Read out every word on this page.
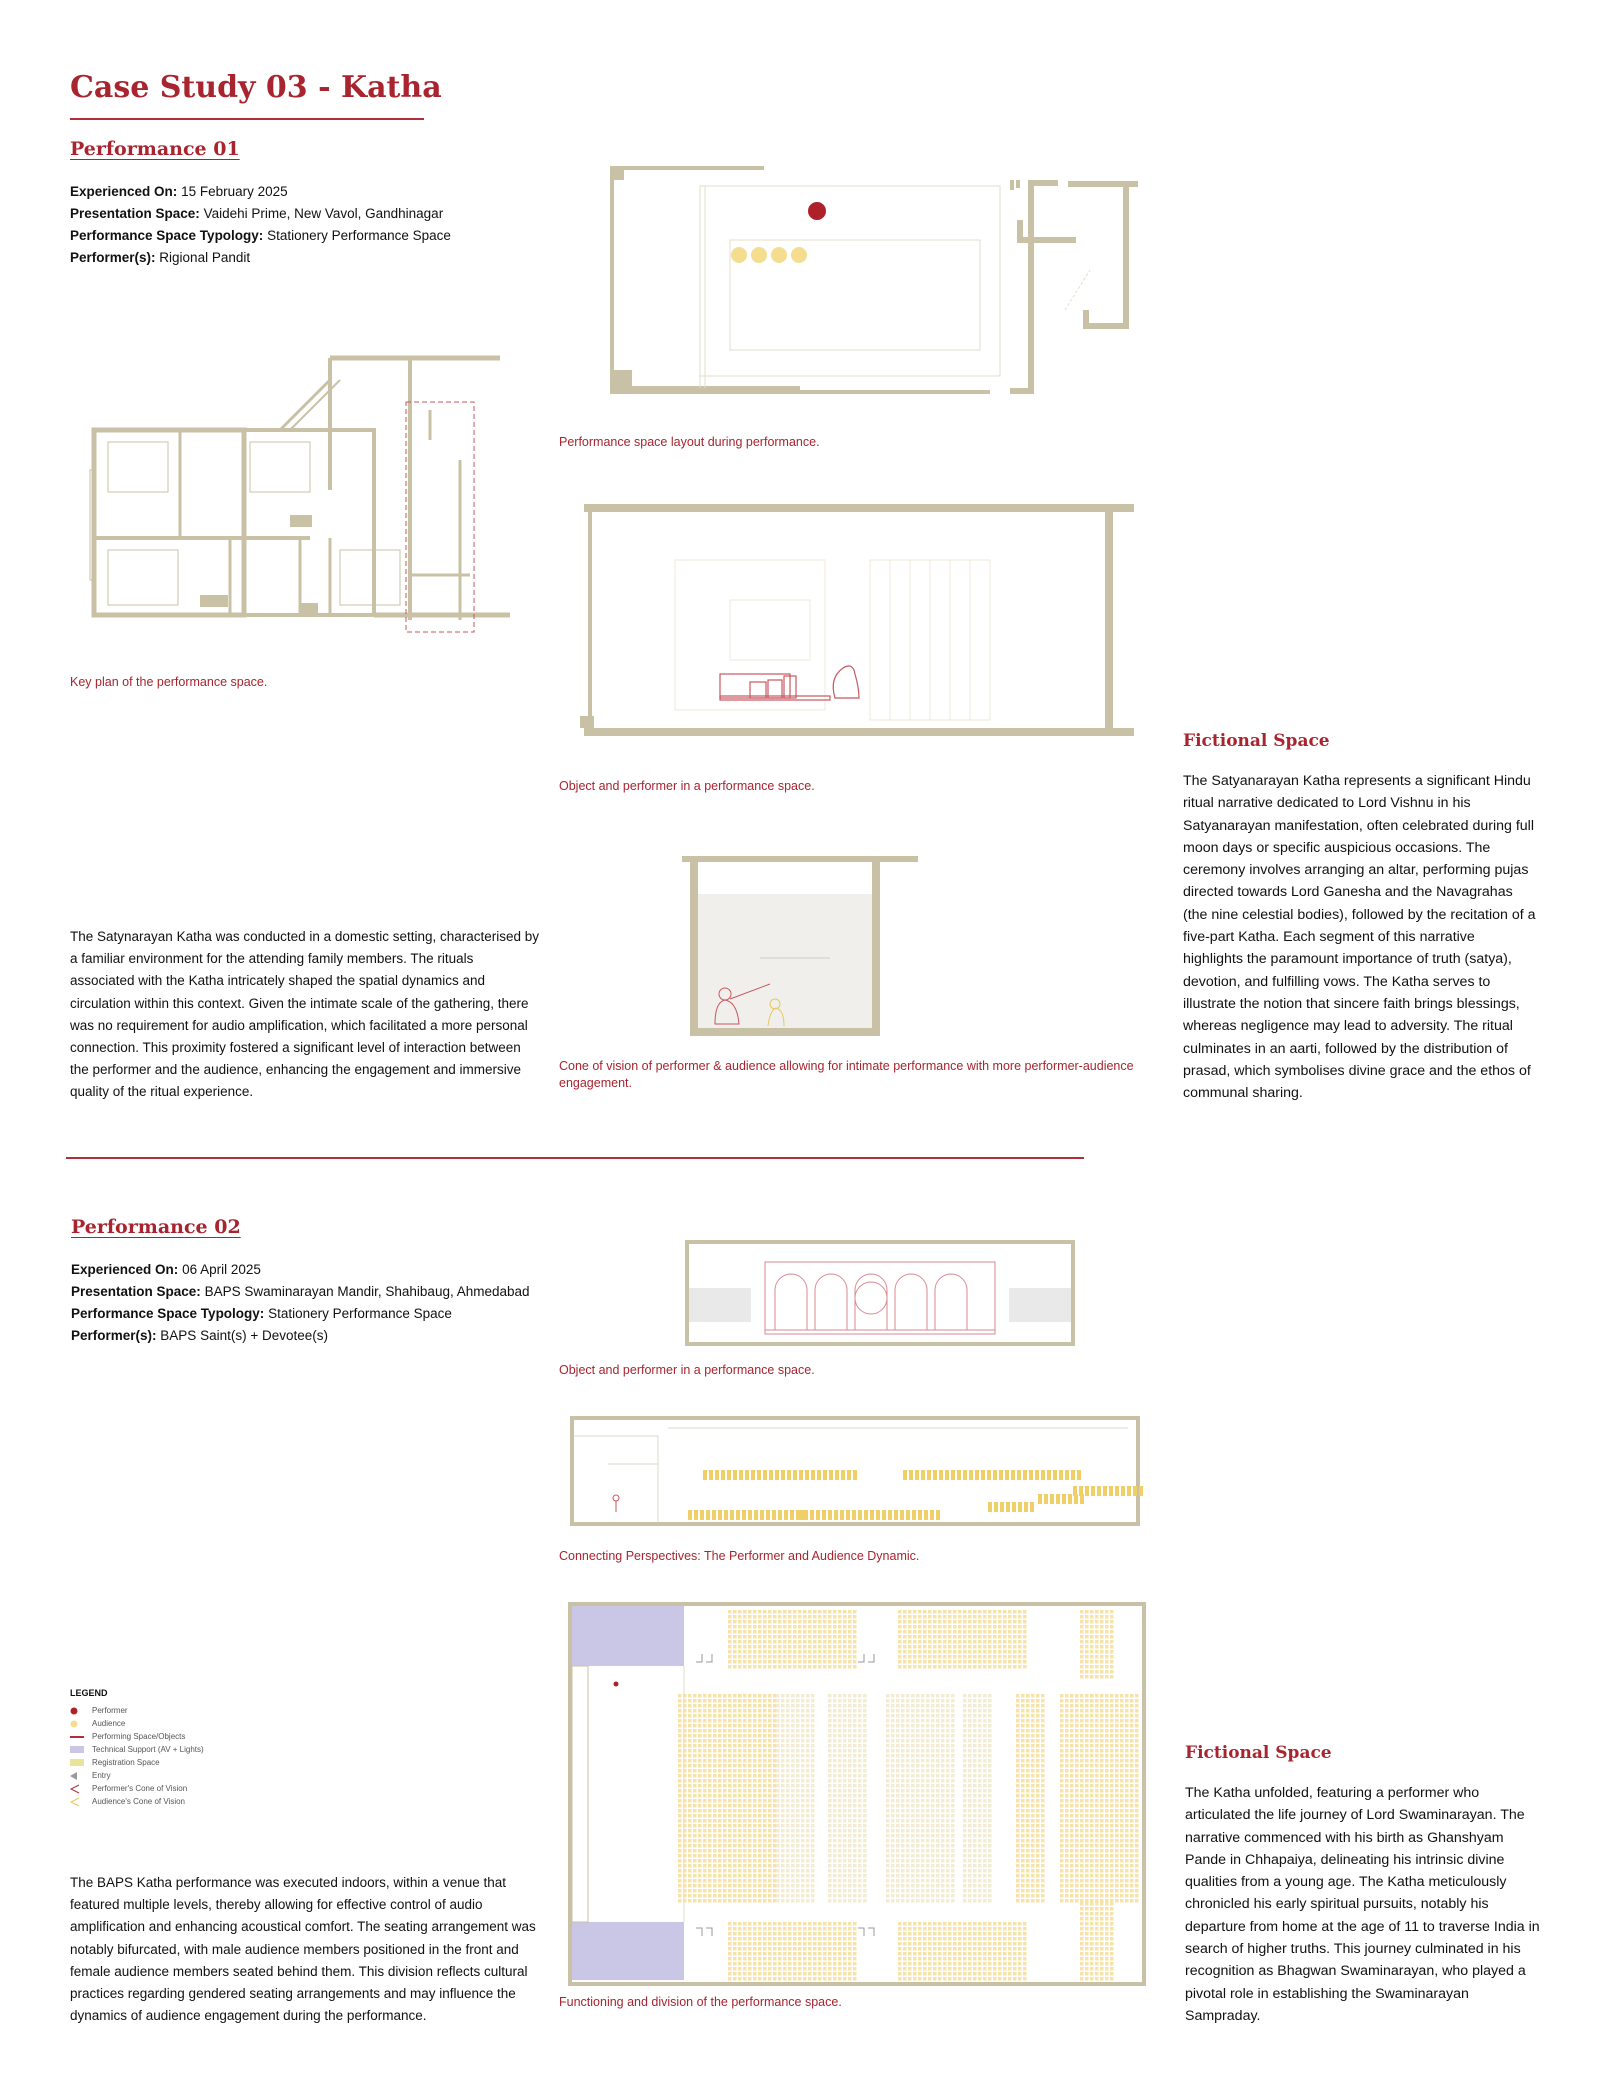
Case Study 03 - Katha
Performance 01
Experienced On: 15 February 2025
Presentation Space: Vaidehi Prime, New Vavol, Gandhinagar
Performance Space Typology: Stationery Performance Space
Performer(s): Rigional Pandit
Key plan of the performance space.
Performance space layout during performance.
Object and performer in a performance space.
Cone of vision of performer & audience allowing for intimate performance with more performer-audience engagement.
The Satynarayan Katha was conducted in a domestic setting, characterised by a familiar environment for the attending family members. The rituals associated with the Katha intricately shaped the spatial dynamics and circulation within this context. Given the intimate scale of the gathering, there was no requirement for audio amplification, which facilitated a more personal connection. This proximity fostered a significant level of interaction between the performer and the audience, enhancing the engagement and immersive quality of the ritual experience.
Fictional Space
The Satyanarayan Katha represents a significant Hindu ritual narrative dedicated to Lord Vishnu in his Satyanarayan manifestation, often celebrated during full moon days or specific auspicious occasions. The ceremony involves arranging an altar, performing pujas directed towards Lord Ganesha and the Navagrahas (the nine celestial bodies), followed by the recitation of a five-part Katha. Each segment of this narrative highlights the paramount importance of truth (satya), devotion, and fulfilling vows. The Katha serves to illustrate the notion that sincere faith brings blessings, whereas negligence may lead to adversity. The ritual culminates in an aarti, followed by the distribution of prasad, which symbolises divine grace and the ethos of communal sharing.
Performance 02
Experienced On: 06 April 2025
Presentation Space: BAPS Swaminarayan Mandir, Shahibaug, Ahmedabad
Performance Space Typology: Stationery Performance Space
Performer(s): BAPS Saint(s) + Devotee(s)
Object and performer in a performance space.
Connecting Perspectives: The Performer and Audience Dynamic.
Functioning and division of the performance space.
LEGEND
Performer
Audience
Performing Space/Objects
Technical Support (AV + Lights)
Registration Space
Entry
Performer's Cone of Vision
Audience's Cone of Vision
The BAPS Katha performance was executed indoors, within a venue that featured multiple levels, thereby allowing for effective control of audio amplification and enhancing acoustical comfort. The seating arrangement was notably bifurcated, with male audience members positioned in the front and female audience members seated behind them. This division reflects cultural practices regarding gendered seating arrangements and may influence the dynamics of audience engagement during the performance.
Fictional Space
The Katha unfolded, featuring a performer who articulated the life journey of Lord Swaminarayan. The narrative commenced with his birth as Ghanshyam Pande in Chhapaiya, delineating his intrinsic divine qualities from a young age. The Katha meticulously chronicled his early spiritual pursuits, notably his departure from home at the age of 11 to traverse India in search of higher truths. This journey culminated in his recognition as Bhagwan Swaminarayan, who played a pivotal role in establishing the Swaminarayan Sampraday.
